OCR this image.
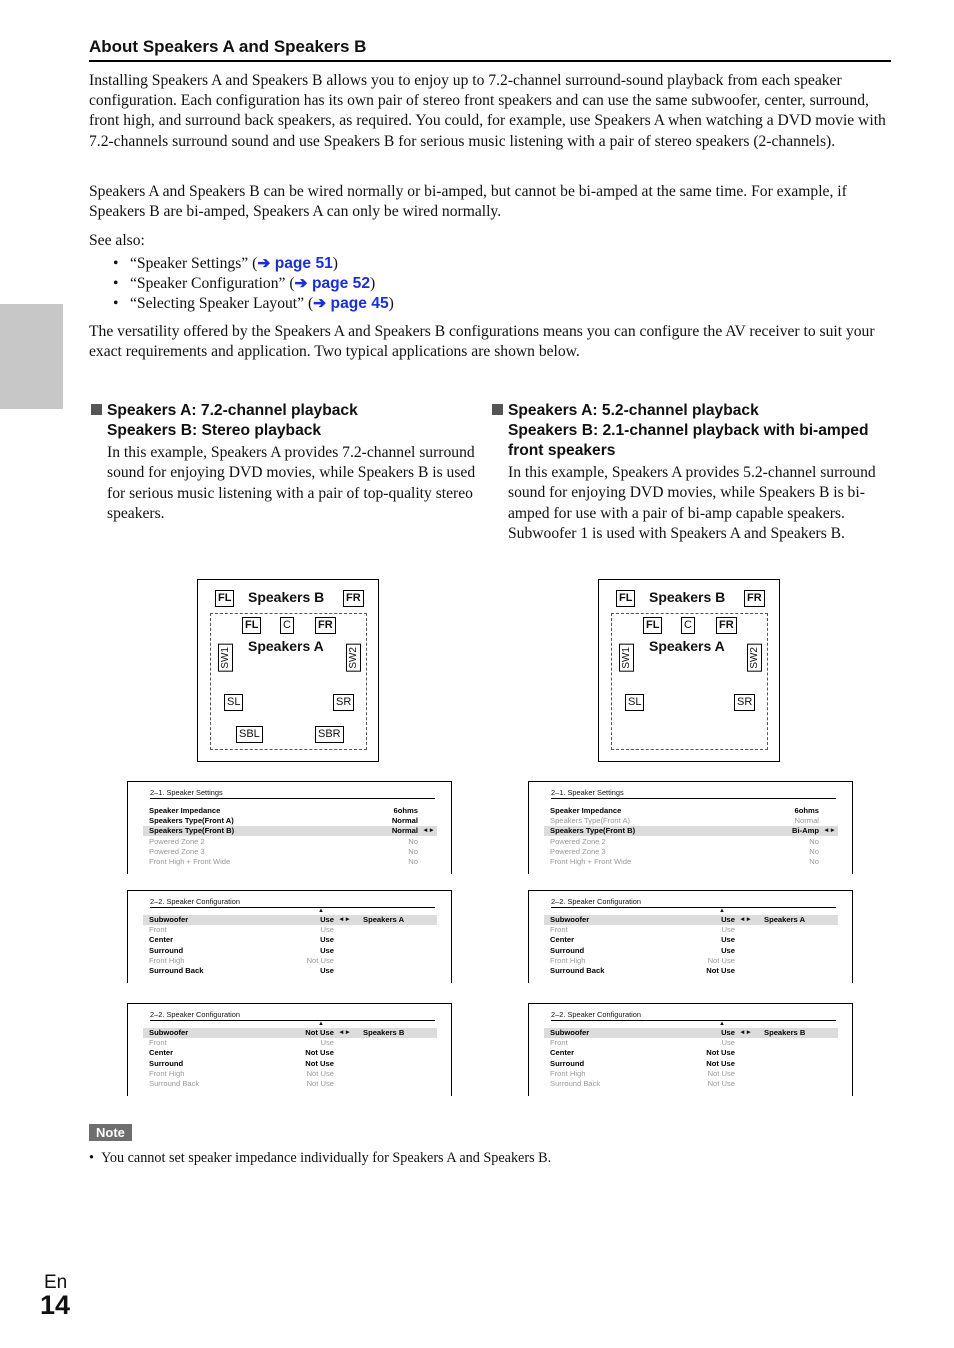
About Speakers A and Speakers B

Installing Speakers A and Speakers B allows you to enjoy up to 7.2-channel surround-sound playback from each speaker configuration. Each configuration has its own pair of stereo front speakers and can use the same subwoofer, center, surround, front high, and surround back speakers, as required. You could, for example, use Speakers A when watching a DVD movie with 7.2-channels surround sound and use Speakers B for serious music listening with a pair of stereo speakers (2-channels).

Speakers A and Speakers B can be wired normally or bi-amped, but cannot be bi-amped at the same time. For example, if Speakers B are bi-amped, Speakers A can only be wired normally.

See also:

• “Speaker Settings” (➔ page 51)
• “Speaker Configuration” (➔ page 52)
• “Selecting Speaker Layout” (➔ page 45)

The versatility offered by the Speakers A and Speakers B configurations means you can configure the AV receiver to suit your exact requirements and application. Two typical applications are shown below.

Speakers A: 7.2-channel playback
Speakers B: Stereo playback
In this example, Speakers A provides 7.2-channel surround sound for enjoying DVD movies, while Speakers B is used for serious music listening with a pair of top-quality stereo speakers.
Speakers A: 5.2-channel playback
Speakers B: 2.1-channel playback with bi-amped
front speakers
In this example, Speakers A provides 5.2-channel surround sound for enjoying DVD movies, while Speakers B is bi-amped for use with a pair of bi-amp capable speakers. Subwoofer 1 is used with Speakers A and Speakers B.
FL Speakers B FR
FL C FR
Speakers A
SW1	SW2
SL	SR
SBL	SBR
FL Speakers B FR
FL C FR
Speakers A
SW1	SW2
SL	SR
2–1. Speaker Settings
Speaker Impedance	6ohms
Speakers Type(Front A)	Normal
Speakers Type(Front B)	Normal ◄►
Powered Zone 2	No
Powered Zone 3	No
Front High + Front Wide	No
2–2. Speaker Configuration
▲
Subwoofer	Use ◄► Speakers A
Front	Use
Center	Use
Surround	Use
Front High	Not Use
Surround Back	Use
2–2. Speaker Configuration
▲
Subwoofer	Not Use ◄► Speakers B
Front	Use
Center	Not Use
Surround	Not Use
Front High	Not Use
Surround Back	Not Use
2–1. Speaker Settings
Speaker Impedance	6ohms
Speakers Type(Front A)	Normal
Speakers Type(Front B)	Bi-Amp ◄►
Powered Zone 2	No
Powered Zone 3	No
Front High + Front Wide	No
2–2. Speaker Configuration
▲
Subwoofer	Use ◄► Speakers A
Front	Use
Center	Use
Surround	Use
Front High	Not Use
Surround Back	Not Use
2–2. Speaker Configuration
▲
Subwoofer	Use ◄► Speakers B
Front	Use
Center	Not Use
Surround	Not Use
Front High	Not Use
Surround Back	Not Use
Note
•  You cannot set speaker impedance individually for Speakers A and Speakers B.
En
14
